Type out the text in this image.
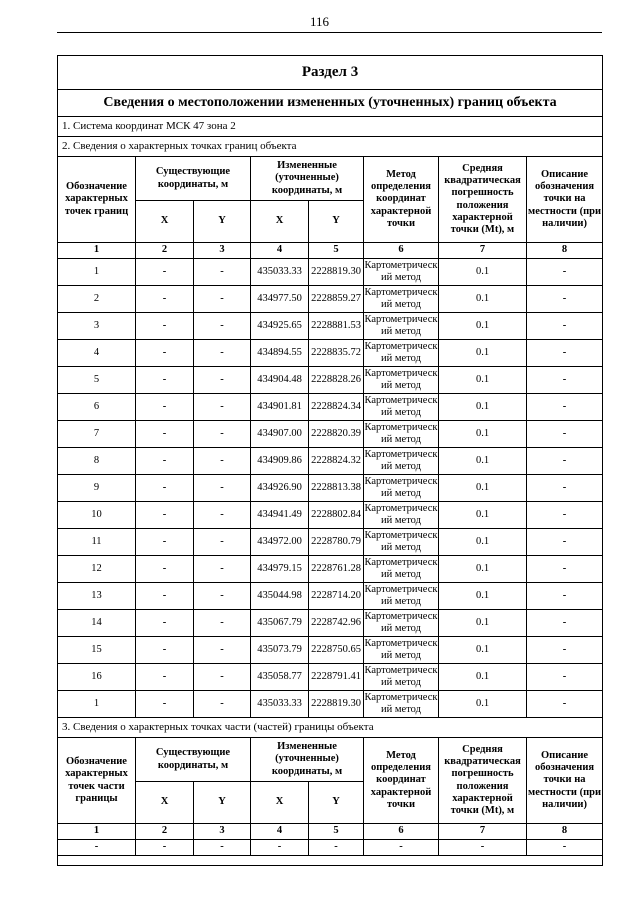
116
Раздел 3							
Сведения о местоположении измененных (уточненных) границ объекта							
1. Система координат МСК 47 зона 2							
2. Сведения о характерных точках границ объекта							
Обозначение характерных точек границ	Существующие координаты, м		Измененные (уточненные) координаты, м		Метод определения координат характерной точки	Средняя квадратическая погрешность положения характерной точки (Mt), м	Описание обозначения точки на местности (при наличии)
	X	Y	X	Y			
1	2	3	4	5	6	7	8
1	-	-	435033.33	2228819.30	Картометрический метод	0.1	-
2	-	-	434977.50	2228859.27	Картометрический метод	0.1	-
3	-	-	434925.65	2228881.53	Картометрический метод	0.1	-
4	-	-	434894.55	2228835.72	Картометрический метод	0.1	-
5	-	-	434904.48	2228828.26	Картометрический метод	0.1	-
6	-	-	434901.81	2228824.34	Картометрический метод	0.1	-
7	-	-	434907.00	2228820.39	Картометрический метод	0.1	-
8	-	-	434909.86	2228824.32	Картометрический метод	0.1	-
9	-	-	434926.90	2228813.38	Картометрический метод	0.1	-
10	-	-	434941.49	2228802.84	Картометрический метод	0.1	-
11	-	-	434972.00	2228780.79	Картометрический метод	0.1	-
12	-	-	434979.15	2228761.28	Картометрический метод	0.1	-
13	-	-	435044.98	2228714.20	Картометрический метод	0.1	-
14	-	-	435067.79	2228742.96	Картометрический метод	0.1	-
15	-	-	435073.79	2228750.65	Картометрический метод	0.1	-
16	-	-	435058.77	2228791.41	Картометрический метод	0.1	-
1	-	-	435033.33	2228819.30	Картометрический метод	0.1	-
3. Сведения о характерных точках части (частей) границы объекта							
Обозначение характерных точек части границы	Существующие координаты, м		Измененные (уточненные) координаты, м		Метод определения координат характерной точки	Средняя квадратическая погрешность положения характерной точки (Mt), м	Описание обозначения точки на местности (при наличии)
	X	Y	X	Y			
1	2	3	4	5	6	7	8
-	-	-	-	-	-	-	-
